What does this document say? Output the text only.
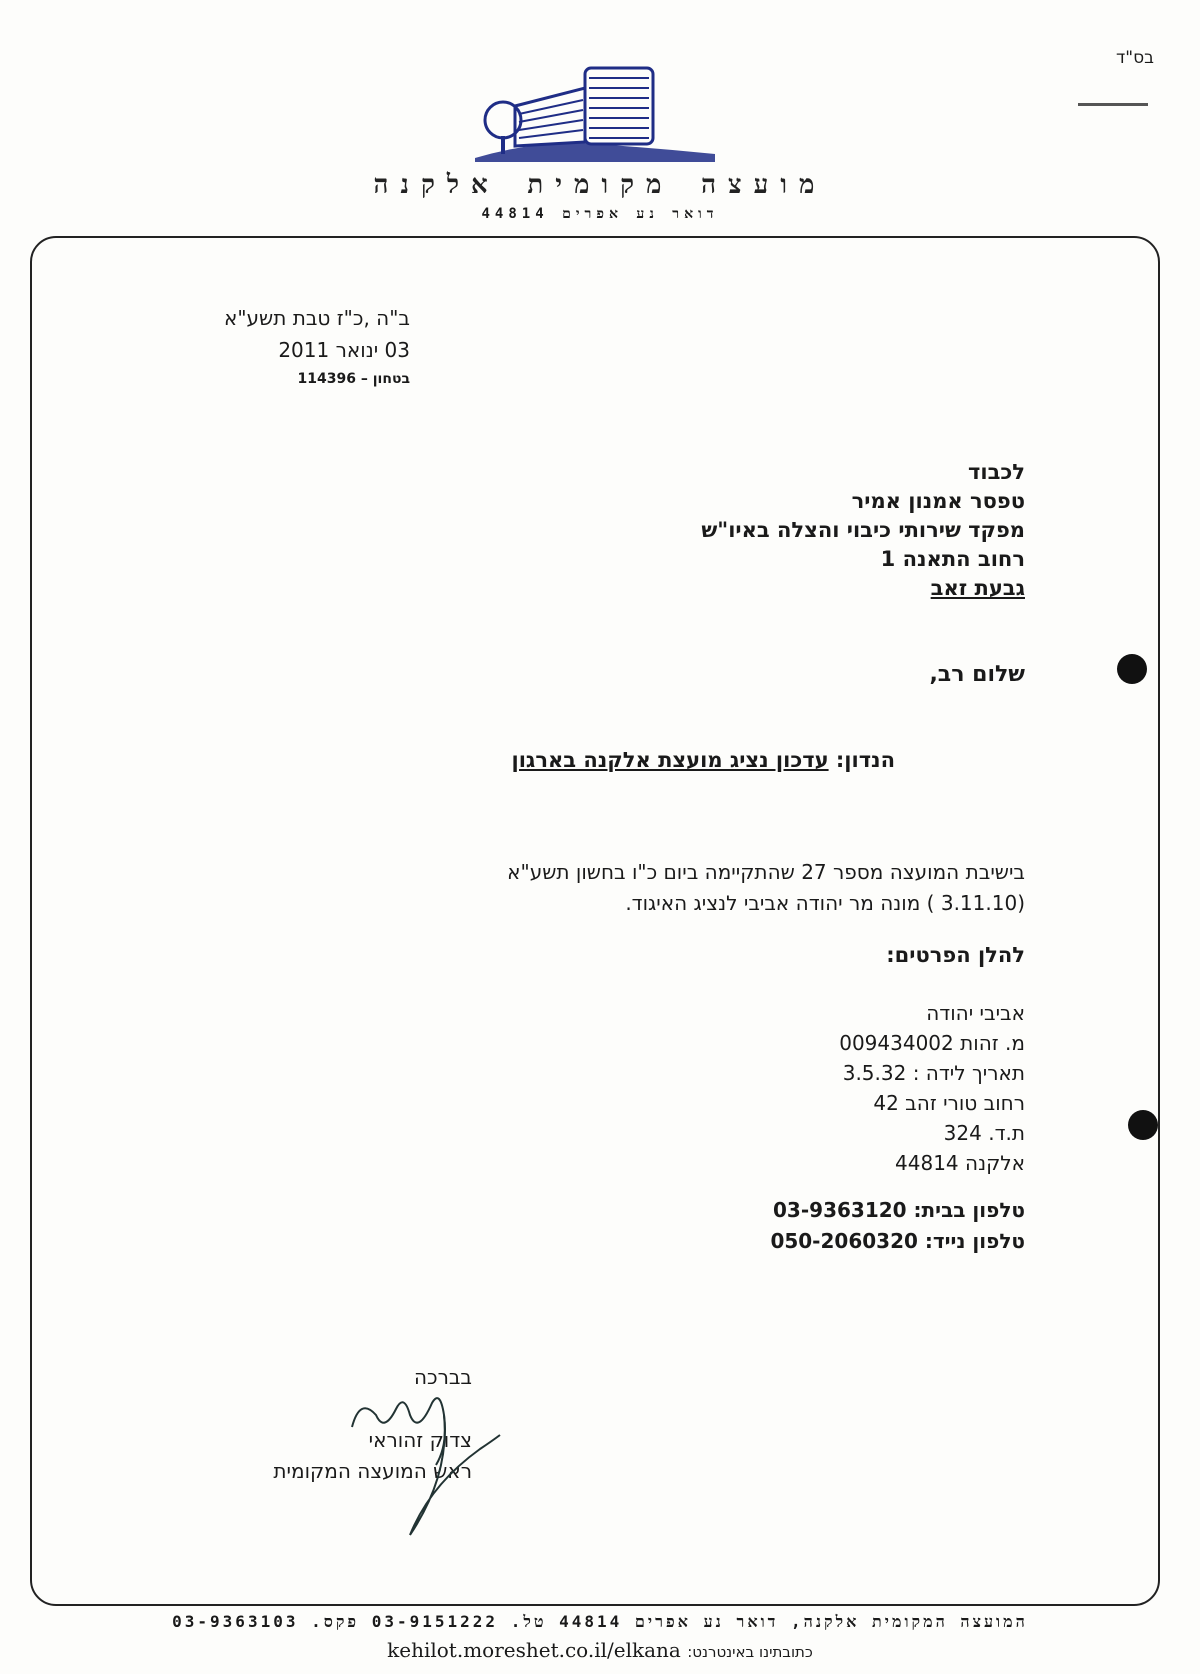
בס"ד
מועצה מקומית אלקנה
דואר נע אפרים 44814
ב"ה ,כ"ז טבת תשע"א
03 ינואר 2011
בטחון – 114396
לכבוד
טפסר אמנון אמיר
מפקד שירותי כיבוי והצלה באיו"ש
רחוב התאנה 1
גבעת זאב
שלום רב,
הנדון: עדכון נציג מועצת אלקנה בארגון
בישיבת המועצה מספר 27 שהתקיימה ביום כ"ו בחשון תשע"א
(3.11.10 ) מונה מר יהודה אביבי לנציג האיגוד.
להלן הפרטים:
אביבי יהודה
מ. זהות 009434002
תאריך לידה : 3.5.32
רחוב טורי זהב 42
ת.ד. 324
אלקנה 44814
טלפון בבית: 03-9363120
טלפון נייד: 050-2060320
בברכה
צדוק זהוראי
ראש המועצה המקומית
המועצה המקומית אלקנה, דואר נע אפרים 44814 טל. 03-9151222 פקס. 03-9363103
כתובתינו באינטרנט: kehilot.moreshet.co.il/elkana
